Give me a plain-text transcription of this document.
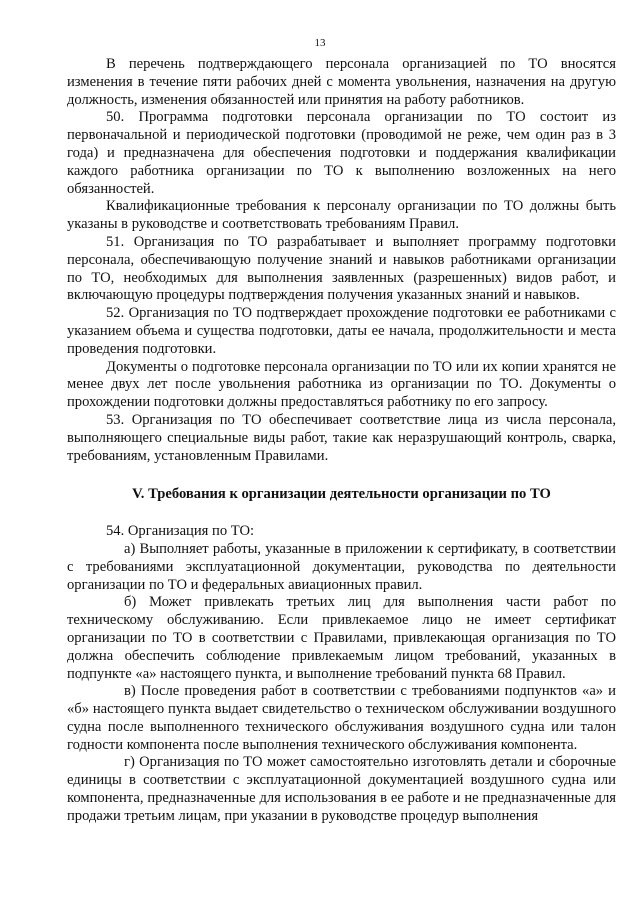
13

В перечень подтверждающего персонала организацией по ТО вносятся изменения в течение пяти рабочих дней с момента увольнения, назначения на другую должность, изменения обязанностей или принятия на работу работников.

50. Программа подготовки персонала организации по ТО состоит из первоначальной и периодической подготовки (проводимой не реже, чем один раз в 3 года) и предназначена для обеспечения подготовки и поддержания квалификации каждого работника организации по ТО к выполнению возложенных на него обязанностей.

Квалификационные требования к персоналу организации по ТО должны быть указаны в руководстве и соответствовать требованиям Правил.

51. Организация по ТО разрабатывает и выполняет программу подготовки персонала, обеспечивающую получение знаний и навыков работниками организации по ТО, необходимых для выполнения заявленных (разрешенных) видов работ, и включающую процедуры подтверждения получения указанных знаний и навыков.

52. Организация по ТО подтверждает прохождение подготовки ее работниками с указанием объема и существа подготовки, даты ее начала, продолжительности и места проведения подготовки.

Документы о подготовке персонала организации по ТО или их копии хранятся не менее двух лет после увольнения работника из организации по ТО. Документы о прохождении подготовки должны предоставляться работнику по его запросу.

53. Организация по ТО обеспечивает соответствие лица из числа персонала, выполняющего специальные виды работ, такие как неразрушающий контроль, сварка, требованиям, установленным Правилами.

V. Требования к организации деятельности организации по ТО

54. Организация по ТО:

а) Выполняет работы, указанные в приложении к сертификату, в соответствии с требованиями эксплуатационной документации, руководства по деятельности организации по ТО и федеральных авиационных правил.

б) Может привлекать третьих лиц для выполнения части работ по техническому обслуживанию. Если привлекаемое лицо не имеет сертификат организации по ТО в соответствии с Правилами, привлекающая организация по ТО должна обеспечить соблюдение привлекаемым лицом требований, указанных в подпункте «а» настоящего пункта, и выполнение требований пункта 68 Правил.

в) После проведения работ в соответствии с требованиями подпунктов «а» и «б» настоящего пункта выдает свидетельство о техническом обслуживании воздушного судна после выполненного технического обслуживания воздушного судна или талон годности компонента после выполнения технического обслуживания компонента.

г) Организация по ТО может самостоятельно изготовлять детали и сборочные единицы в соответствии с эксплуатационной документацией воздушного судна или компонента, предназначенные для использования в ее работе и не предназначенные для продажи третьим лицам, при указании в руководстве процедур выполнения
